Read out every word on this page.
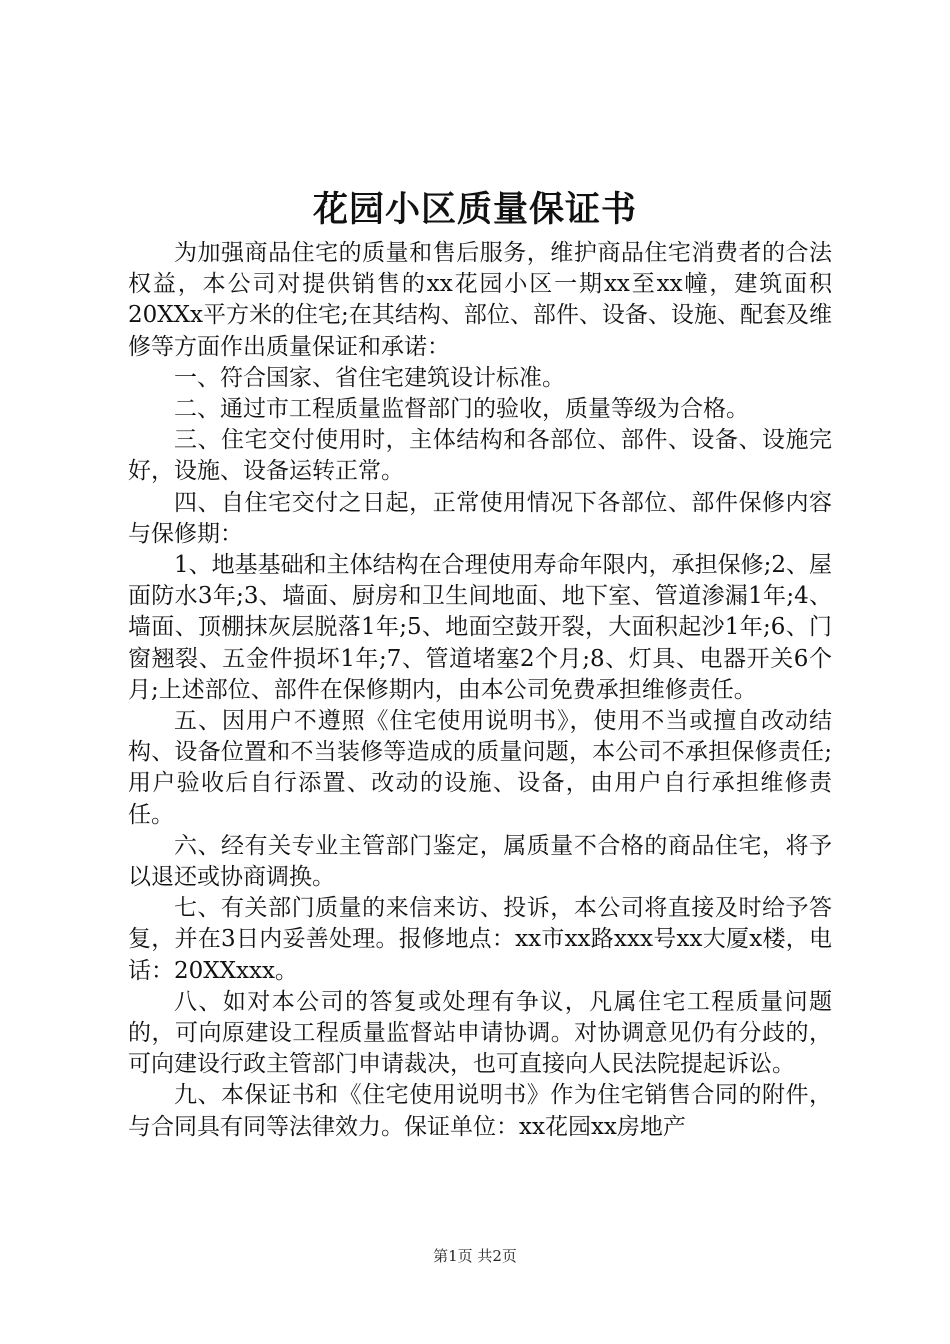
花园小区质量保证书

为加强商品住宅的质量和售后服务，维护商品住宅消费者的合法权益，本公司对提供销售的xx花园小区一期xx至xx幢，建筑面积20XXx平方米的住宅;在其结构、部位、部件、设备、设施、配套及维修等方面作出质量保证和承诺：

一、符合国家、省住宅建筑设计标准。

二、通过市工程质量监督部门的验收，质量等级为合格。

三、住宅交付使用时，主体结构和各部位、部件、设备、设施完好，设施、设备运转正常。

四、自住宅交付之日起，正常使用情况下各部位、部件保修内容与保修期：

1、地基基础和主体结构在合理使用寿命年限内，承担保修;2、屋面防水3年;3、墙面、厨房和卫生间地面、地下室、管道渗漏1年;4、墙面、顶棚抹灰层脱落1年;5、地面空鼓开裂，大面积起沙1年;6、门窗翘裂、五金件损坏1年;7、管道堵塞2个月;8、灯具、电器开关6个月;上述部位、部件在保修期内，由本公司免费承担维修责任。

五、因用户不遵照《住宅使用说明书》，使用不当或擅自改动结构、设备位置和不当装修等造成的质量问题，本公司不承担保修责任;用户验收后自行添置、改动的设施、设备，由用户自行承担维修责任。

六、经有关专业主管部门鉴定，属质量不合格的商品住宅，将予以退还或协商调换。

七、有关部门质量的来信来访、投诉，本公司将直接及时给予答复，并在3日内妥善处理。报修地点：xx市xx路xxx号xx大厦x楼，电话：20XXxxx。

八、如对本公司的答复或处理有争议，凡属住宅工程质量问题的，可向原建设工程质量监督站申请协调。对协调意见仍有分歧的，可向建设行政主管部门申请裁决，也可直接向人民法院提起诉讼。

九、本保证书和《住宅使用说明书》作为住宅销售合同的附件，与合同具有同等法律效力。保证单位：xx花园xx房地产

第1页 共2页
